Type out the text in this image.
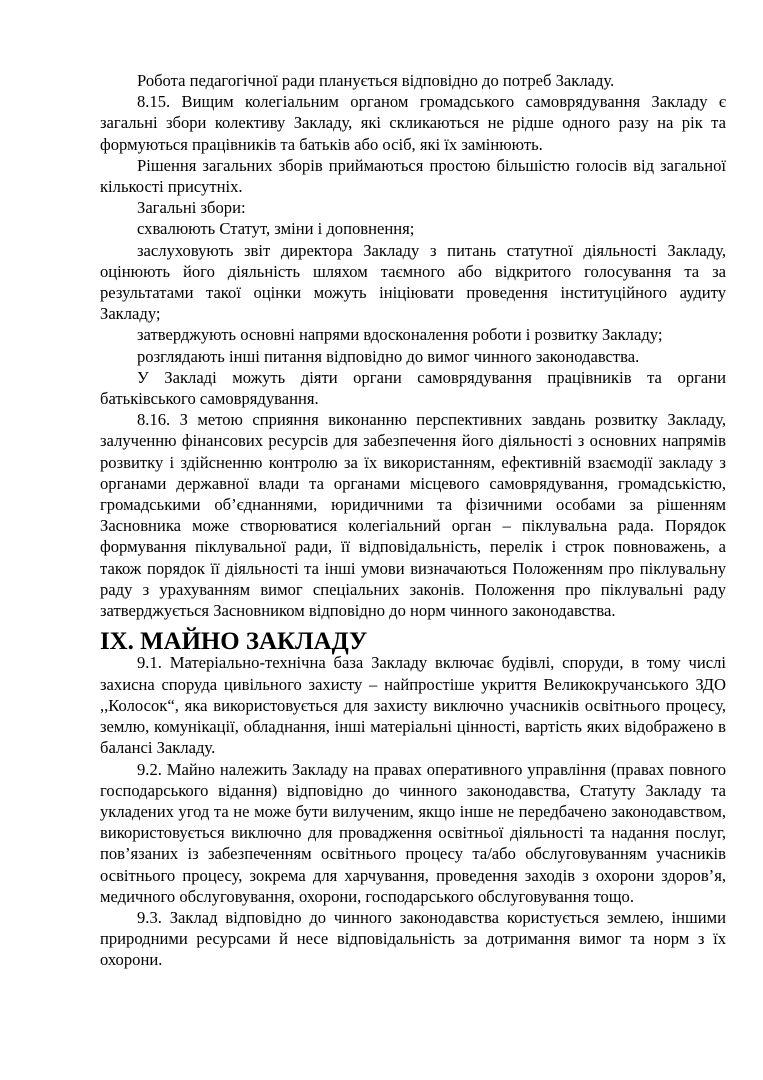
Робота педагогічної ради планується відповідно до потреб Закладу.

8.15. Вищим колегіальним органом громадського самоврядування Закладу є загальні збори колективу Закладу, які скликаються не рідше одного разу на рік та формуються працівників та батьків або осіб, які їх замінюють.

Рішення загальних зборів приймаються простою більшістю голосів від загальної кількості присутніх.

Загальні збори:

схвалюють Статут, зміни і доповнення;

заслуховують звіт директора Закладу з питань статутної діяльності Закладу, оцінюють його діяльність шляхом таємного або відкритого голосування та за результатами такої оцінки можуть ініціювати проведення інституційного аудиту Закладу;

затверджують основні напрями вдосконалення роботи і розвитку Закладу;

розглядають інші питання відповідно до вимог чинного законодавства.

У Закладі можуть діяти органи самоврядування працівників та органи батьківського самоврядування.

8.16. З метою сприяння виконанню перспективних завдань розвитку Закладу, залученню фінансових ресурсів для забезпечення його діяльності з основних напрямів розвитку і здійсненню контролю за їх використанням, ефективній взаємодії закладу з органами державної влади та органами місцевого самоврядування, громадськістю, громадськими об’єднаннями, юридичними та фізичними особами за рішенням Засновника може створюватися колегіальний орган – піклувальна рада. Порядок формування піклувальної ради, її відповідальність, перелік і строк повноважень, а також порядок її діяльності та інші умови визначаються Положенням про піклувальну раду з урахуванням вимог спеціальних законів. Положення про піклувальні раду затверджується Засновником відповідно до норм чинного законодавства.

IX. МАЙНО ЗАКЛАДУ

9.1. Матеріально-технічна база Закладу включає будівлі, споруди, в тому числі захисна споруда цивільного захисту – найпростіше укриття Великокручанського ЗДО ,,Колосок“, яка використовується для захисту виключно учасників освітнього процесу, землю, комунікації, обладнання, інші матеріальні цінності, вартість яких відображено в балансі Закладу.

9.2. Майно належить Закладу на правах оперативного управління (правах повного господарського відання) відповідно до чинного законодавства, Статуту Закладу та укладених угод та не може бути вилученим, якщо інше не передбачено законодавством, використовується виключно для провадження освітньої діяльності та надання послуг, пов’язаних із забезпеченням освітнього процесу та/або обслуговуванням учасників освітнього процесу, зокрема для харчування, проведення заходів з охорони здоров’я, медичного обслуговування, охорони, господарського обслуговування тощо.

9.3. Заклад відповідно до чинного законодавства користується землею, іншими природними ресурсами й несе відповідальність за дотримання вимог та норм з їх охорони.
